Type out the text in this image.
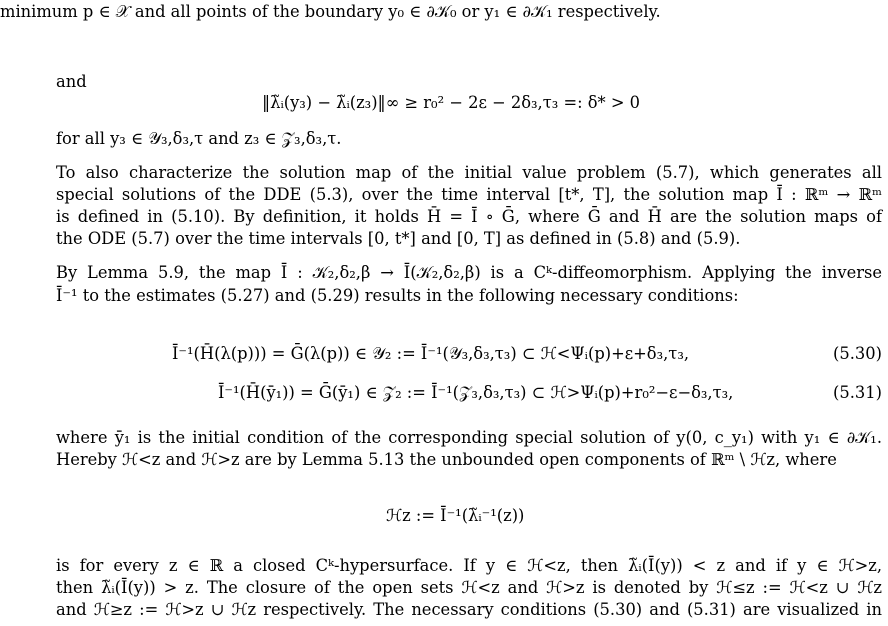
minimum p ∈ 𝒳 and all points of the boundary y₀ ∈ ∂𝒦₀ or y₁ ∈ ∂𝒦₁ respectively.
and
‖λ̃ᵢ(y₃) − λ̃ᵢ(z₃)‖∞ ≥ r₀² − 2ε − 2δ₃,τ₃ =: δ* > 0
for all y₃ ∈ 𝒴₃,δ₃,τ and z₃ ∈ 𝒵₃,δ₃,τ.
To also characterize the solution map of the initial value problem (5.7), which generates all
special solutions of the DDE (5.3), over the time interval [t*, T], the solution map Ī : ℝᵐ → ℝᵐ
is defined in (5.10). By definition, it holds H̄ = Ī ∘ Ḡ, where Ḡ and H̄ are the solution maps of
the ODE (5.7) over the time intervals [0, t*] and [0, T] as defined in (5.8) and (5.9).
By Lemma 5.9, the map Ī : 𝒦₂,δ₂,β → Ī(𝒦₂,δ₂,β) is a Cᵏ-diffeomorphism. Applying the inverse
Ī⁻¹ to the estimates (5.27) and (5.29) results in the following necessary conditions:
Ī⁻¹(H̄(λ(p))) = Ḡ(λ(p)) ∈ 𝒴₂ := Ī⁻¹(𝒴₃,δ₃,τ₃) ⊂ ℋ<Ψᵢ(p)+ε+δ₃,τ₃,	(5.30)
Ī⁻¹(H̄(ȳ₁)) = Ḡ(ȳ₁) ∈ 𝒵₂ := Ī⁻¹(𝒵₃,δ₃,τ₃) ⊂ ℋ>Ψᵢ(p)+r₀²−ε−δ₃,τ₃,	(5.31)
where ȳ₁ is the initial condition of the corresponding special solution of y(0, c_y₁) with y₁ ∈ ∂𝒦₁.
Hereby ℋ<z and ℋ>z are by Lemma 5.13 the unbounded open components of ℝᵐ \ ℋz, where
ℋz := Ī⁻¹(λ̃ᵢ⁻¹(z))
is for every z ∈ ℝ a closed Cᵏ-hypersurface. If y ∈ ℋ<z, then λ̃ᵢ(Ī(y)) < z and if y ∈ ℋ>z,
then λ̃ᵢ(Ī(y)) > z. The closure of the open sets ℋ<z and ℋ>z is denoted by ℋ≤z := ℋ<z ∪ ℋz
and ℋ≥z := ℋ>z ∪ ℋz respectively. The necessary conditions (5.30) and (5.31) are visualized in
